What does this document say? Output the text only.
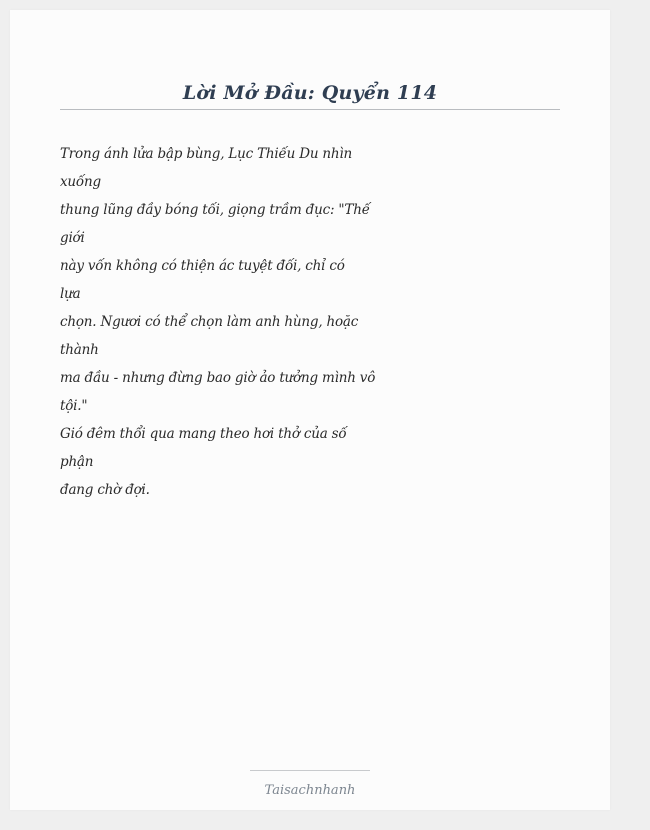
Lời Mở Đầu: Quyển 114
Trong ánh lửa bập bùng, Lục Thiếu Du nhìn
xuống
thung lũng đầy bóng tối, giọng trầm đục: "Thế
giới
này vốn không có thiện ác tuyệt đối, chỉ có
lựa
chọn. Ngươi có thể chọn làm anh hùng, hoặc
thành
ma đầu - nhưng đừng bao giờ ảo tưởng mình vô
tội."
Gió đêm thổi qua mang theo hơi thở của số
phận
đang chờ đợi.
Taisachnhanh
